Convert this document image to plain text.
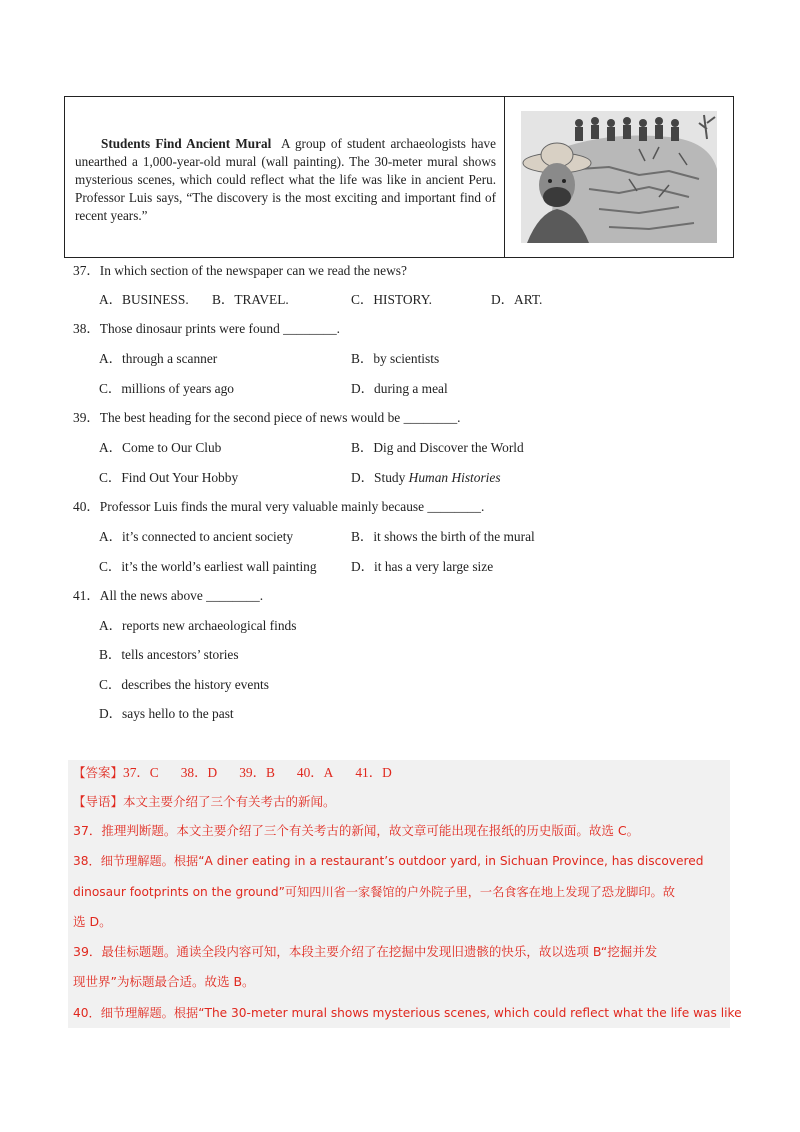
Students Find Ancient Mural A group of student archaeologists have unearthed a 1,000-year-old mural (wall painting). The 30-meter mural shows mysterious scenes, which could reflect what the life was like in ancient Peru. Professor Luis says, “The discovery is the most exciting and important find of recent years.”
37．In which section of the newspaper can we read the news?
A．BUSINESS. B．TRAVEL.	C．HISTORY.	D．ART.
38．Those dinosaur prints were found ________.
A．through a scanner	B．by scientists
C．millions of years ago	D．during a meal
39．The best heading for the second piece of news would be ________.
A．Come to Our Club	B．Dig and Discover the World
C．Find Out Your Hobby	D．Study Human Histories
40．Professor Luis finds the mural very valuable mainly because ________.
A．it’s connected to ancient society	B．it shows the birth of the mural
C．it’s the world’s earliest wall painting	D．it has a very large size
41．All the news above ________.
A．reports new archaeological finds
B．tells ancestors’ stories
C．describes the history events
D．says hello to the past
【答案】37．C 38．D 39．B 40．A 41．D
【导语】本文主要介绍了三个有关考古的新闻。
37．推理判断题。本文主要介绍了三个有关考古的新闻，故文章可能出现在报纸的历史版面。故选 C。
38．细节理解题。根据“A diner eating in a restaurant’s outdoor yard, in Sichuan Province, has discovered
dinosaur footprints on the ground”可知四川省一家餐馆的户外院子里，一名食客在地上发现了恐龙脚印。故
选 D。
39．最佳标题题。通读全段内容可知，本段主要介绍了在挖掘中发现旧遗骸的快乐，故以选项 B“挖掘并发
现世界”为标题最合适。故选 B。
40．细节理解题。根据“The 30-meter mural shows mysterious scenes, which could reflect what the life was like
